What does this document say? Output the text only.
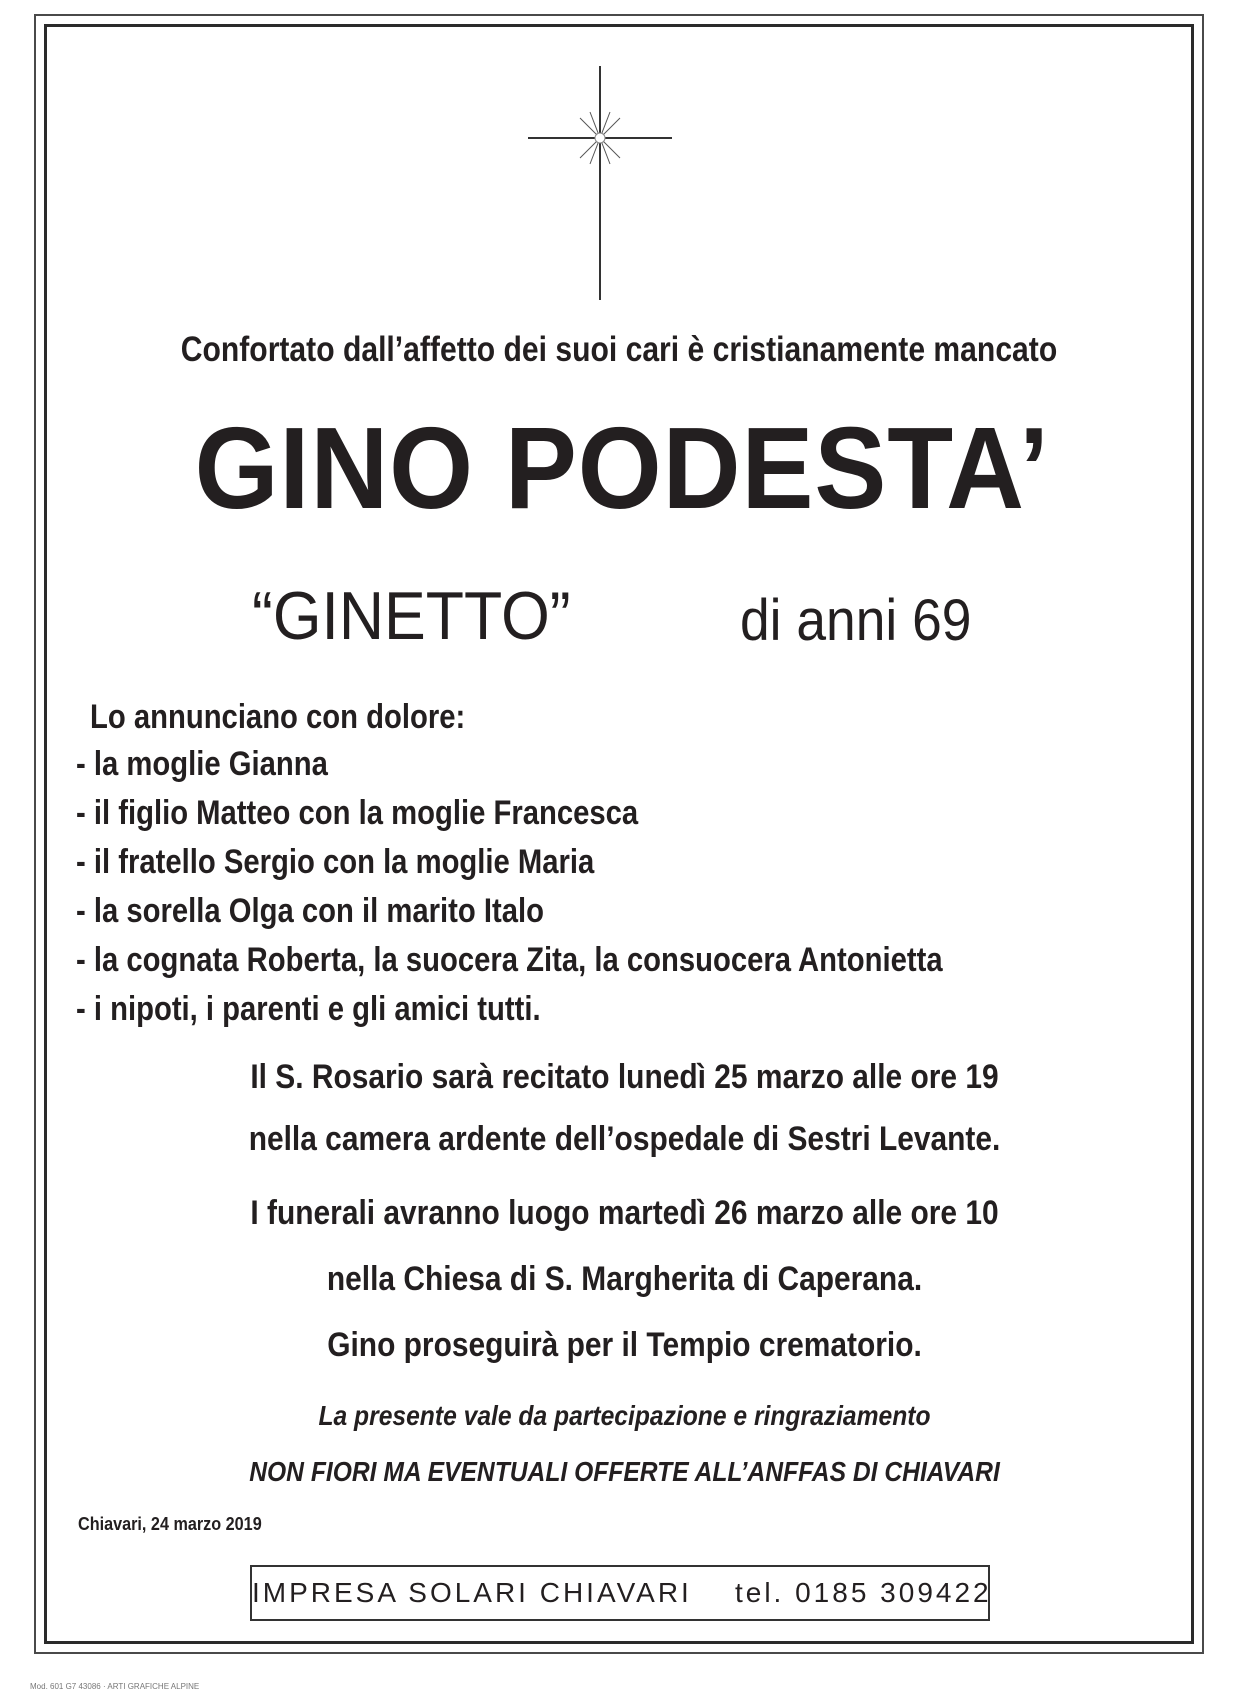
Confortato dall’affetto dei suoi cari è cristianamente mancato
GINO PODESTA’
“GINETTO”	di anni 69
Lo annunciano con dolore:
- la moglie Gianna
- il figlio Matteo con la moglie Francesca
- il fratello Sergio con la moglie Maria
- la sorella Olga con il marito Italo
- la cognata Roberta, la suocera Zita, la consuocera Antonietta
- i nipoti, i parenti e gli amici tutti.
Il S. Rosario sarà recitato lunedì 25 marzo alle ore 19
nella camera ardente dell’ospedale di Sestri Levante.
I funerali avranno luogo martedì 26 marzo alle ore 10
nella Chiesa di S. Margherita di Caperana.
Gino proseguirà per il Tempio crematorio.
La presente vale da partecipazione e ringraziamento
NON FIORI MA EVENTUALI OFFERTE ALL’ANFFAS DI CHIAVARI
Chiavari, 24 marzo 2019
IMPRESA SOLARI CHIAVARI tel. 0185 309422
Mod. 601 G7 43086 · ARTI GRAFICHE ALPINE
